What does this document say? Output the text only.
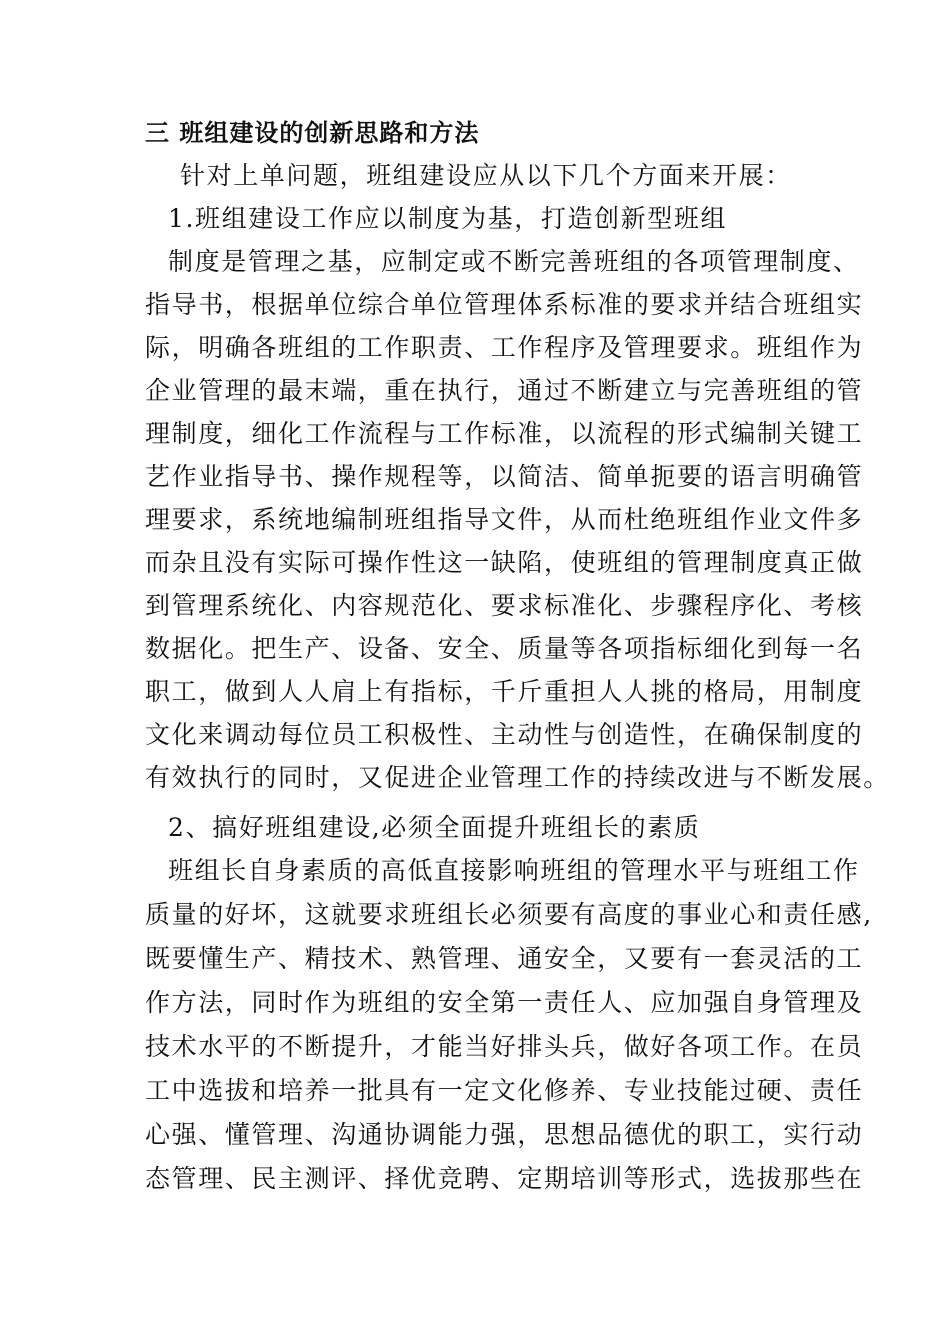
三 班组建设的创新思路和方法
针对上单问题，班组建设应从以下几个方面来开展：
1.班组建设工作应以制度为基，打造创新型班组
制度是管理之基，应制定或不断完善班组的各项管理制度、
指导书，根据单位综合单位管理体系标准的要求并结合班组实
际，明确各班组的工作职责、工作程序及管理要求。班组作为
企业管理的最末端，重在执行，通过不断建立与完善班组的管
理制度，细化工作流程与工作标准，以流程的形式编制关键工
艺作业指导书、操作规程等，以简洁、简单扼要的语言明确管
理要求，系统地编制班组指导文件，从而杜绝班组作业文件多
而杂且没有实际可操作性这一缺陷，使班组的管理制度真正做
到管理系统化、内容规范化、要求标准化、步骤程序化、考核
数据化。把生产、设备、安全、质量等各项指标细化到每一名
职工，做到人人肩上有指标，千斤重担人人挑的格局，用制度
文化来调动每位员工积极性、主动性与创造性，在确保制度的
有效执行的同时，又促进企业管理工作的持续改进与不断发展。
2、搞好班组建设,必须全面提升班组长的素质
班组长自身素质的高低直接影响班组的管理水平与班组工作
质量的好坏，这就要求班组长必须要有高度的事业心和责任感,
既要懂生产、精技术、熟管理、通安全，又要有一套灵活的工
作方法，同时作为班组的安全第一责任人、应加强自身管理及
技术水平的不断提升，才能当好排头兵，做好各项工作。在员
工中选拔和培养一批具有一定文化修养、专业技能过硬、责任
心强、懂管理、沟通协调能力强，思想品德优的职工，实行动
态管理、民主测评、择优竞聘、定期培训等形式，选拔那些在
